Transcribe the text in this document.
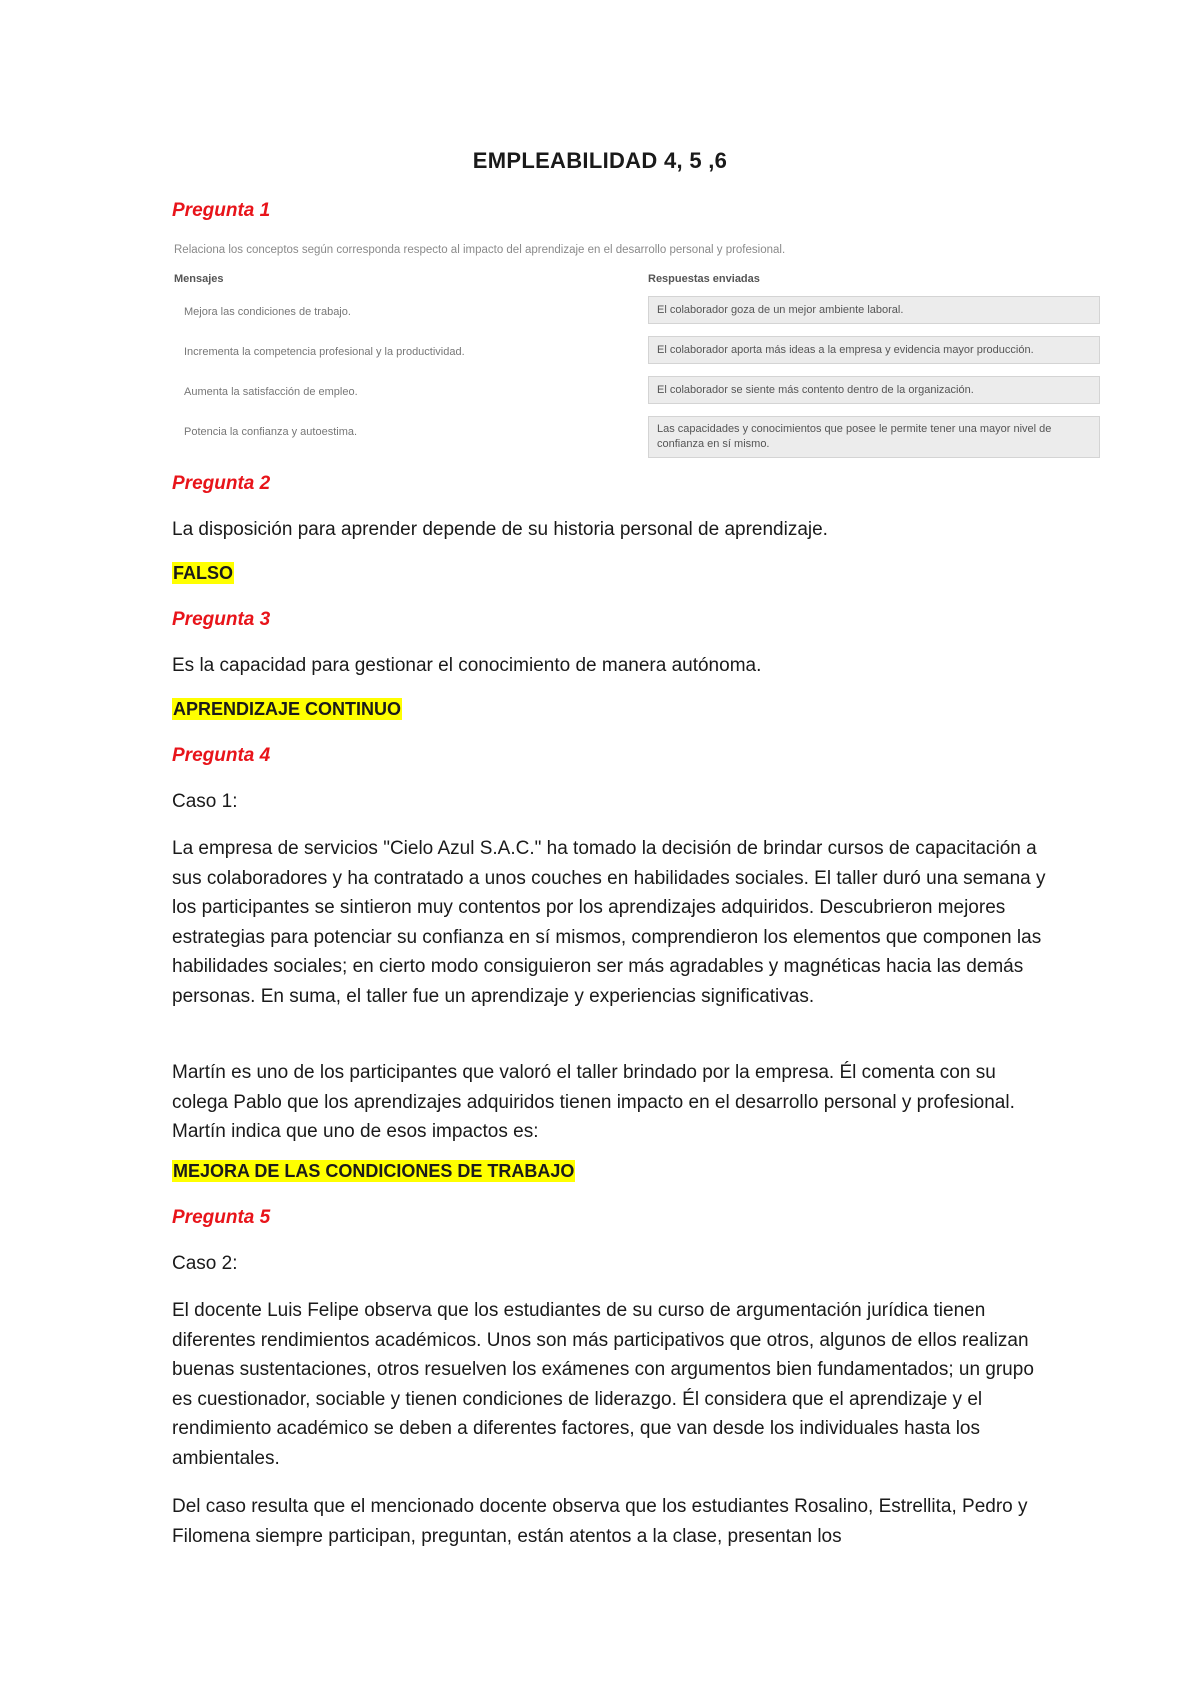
EMPLEABILIDAD 4, 5 ,6
Pregunta 1
Relaciona los conceptos según corresponda respecto al impacto del aprendizaje en el desarrollo personal y profesional.
Mensajes	Respuestas enviadas
Mejora las condiciones de trabajo.	El colaborador goza de un mejor ambiente laboral.
Incrementa la competencia profesional y la productividad.	El colaborador aporta más ideas a la empresa y evidencia mayor producción.
Aumenta la satisfacción de empleo.	El colaborador se siente más contento dentro de la organización.
Potencia la confianza y autoestima.	Las capacidades y conocimientos que posee le permite tener una mayor nivel de confianza en sí mismo.
Pregunta 2
La disposición para aprender depende de su historia personal de aprendizaje.
FALSO
Pregunta 3
Es la capacidad para gestionar el conocimiento de manera autónoma.
APRENDIZAJE CONTINUO
Pregunta 4
Caso 1:
La empresa de servicios "Cielo Azul S.A.C." ha tomado la decisión de brindar cursos de capacitación a sus colaboradores y ha contratado a unos couches en habilidades sociales. El taller duró una semana y los participantes se sintieron muy contentos por los aprendizajes adquiridos. Descubrieron mejores estrategias para potenciar su confianza en sí mismos, comprendieron los elementos que componen las habilidades sociales; en cierto modo consiguieron ser más agradables y magnéticas hacia las demás personas. En suma, el taller fue un aprendizaje y experiencias significativas.
Martín es uno de los participantes que valoró el taller brindado por la empresa. Él comenta con su colega Pablo que los aprendizajes adquiridos tienen impacto en el desarrollo personal y profesional. Martín indica que uno de esos impactos es:
MEJORA DE LAS CONDICIONES DE TRABAJO
Pregunta 5
Caso 2:
El docente Luis Felipe observa que los estudiantes de su curso de argumentación jurídica tienen diferentes rendimientos académicos. Unos son más participativos que otros, algunos de ellos realizan buenas sustentaciones, otros resuelven los exámenes con argumentos bien fundamentados; un grupo es cuestionador, sociable y tienen condiciones de liderazgo. Él considera que el aprendizaje y el rendimiento académico se deben a diferentes factores, que van desde los individuales hasta los ambientales.
Del caso resulta que el mencionado docente observa que los estudiantes Rosalino, Estrellita, Pedro y Filomena siempre participan, preguntan, están atentos a la clase, presentan los
